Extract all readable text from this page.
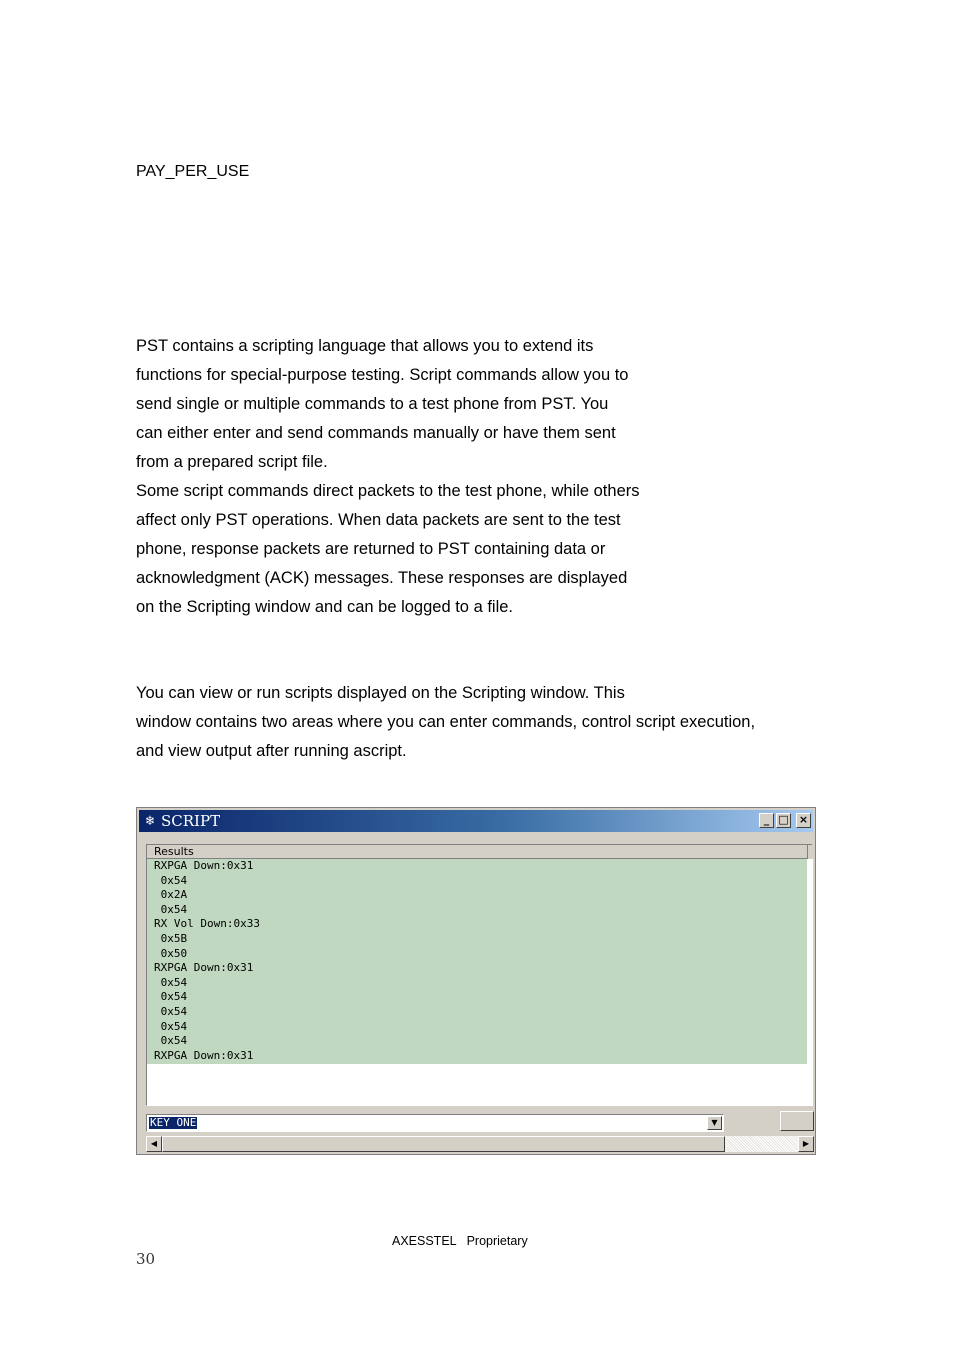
PAY_PER_USE
PST contains a scripting language that allows you to extend its
functions for special-purpose testing. Script commands allow you to
send single or multiple commands to a test phone from PST. You
can either enter and send commands manually or have them sent
from a prepared script file.
Some script commands direct packets to the test phone, while others
affect only PST operations. When data packets are sent to the test
phone, response packets are returned to PST containing data or
acknowledgment (ACK) messages. These responses are displayed
on the Scripting window and can be logged to a file.
You can view or run scripts displayed on the Scripting window. This
window contains two areas where you can enter commands, control script execution,
and view output after running ascript.
❄ SCRIPT	_ □ ×
Results
RXPGA Down:0x31
0x54
0x2A
0x54
RX Vol Down:0x33
0x5B
0x50
RXPGA Down:0x31
0x54
0x54
0x54
0x54
0x54
RXPGA Down:0x31
KEY ONE	▼
◀	▶
AXESSTEL   Proprietary
30
